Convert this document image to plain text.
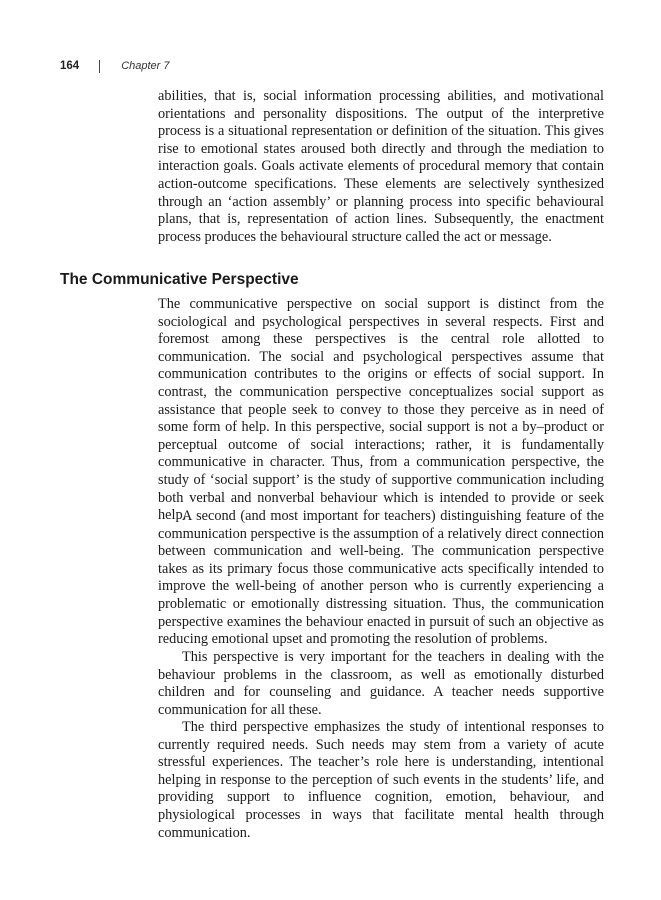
164	Chapter 7

abilities, that is, social information processing abilities, and motivational orientations and personality dispositions. The output of the interpretive process is a situational representation or definition of the situation. This gives rise to emotional states aroused both directly and through the mediation to interaction goals. Goals activate elements of procedural memory that contain action-outcome specifications. These elements are selectively synthesized through an ‘action assembly’ or planning process into specific behavioural plans, that is, representation of action lines. Subsequently, the enactment process produces the behavioural structure called the act or message.

The Communicative Perspective

The communicative perspective on social support is distinct from the sociological and psychological perspectives in several respects. First and foremost among these perspectives is the central role allotted to communication. The social and psychological perspectives assume that communication contributes to the origins or effects of social support. In contrast, the communication perspective conceptualizes social support as assistance that people seek to convey to those they perceive as in need of some form of help. In this perspective, social support is not a by–product or perceptual outcome of social interactions; rather, it is fundamentally communicative in character. Thus, from a communication perspective, the study of ‘social support’ is the study of supportive communication including both verbal and nonverbal behaviour which is intended to provide or seek help.

A second (and most important for teachers) distinguishing feature of the communication perspective is the assumption of a relatively direct connection between communication and well-being. The communication perspective takes as its primary focus those communicative acts specifically intended to improve the well-being of another person who is currently experiencing a problematic or emotionally distressing situation. Thus, the communication perspective examines the behaviour enacted in pursuit of such an objective as reducing emotional upset and promoting the resolution of problems.

This perspective is very important for the teachers in dealing with the behaviour problems in the classroom, as well as emotionally disturbed children and for counseling and guidance. A teacher needs supportive communication for all these.

The third perspective emphasizes the study of intentional responses to currently required needs. Such needs may stem from a variety of acute stressful experiences. The teacher’s role here is understanding, intentional helping in response to the perception of such events in the students’ life, and providing support to influence cognition, emotion, behaviour, and physiological processes in ways that facilitate mental health through communication.
